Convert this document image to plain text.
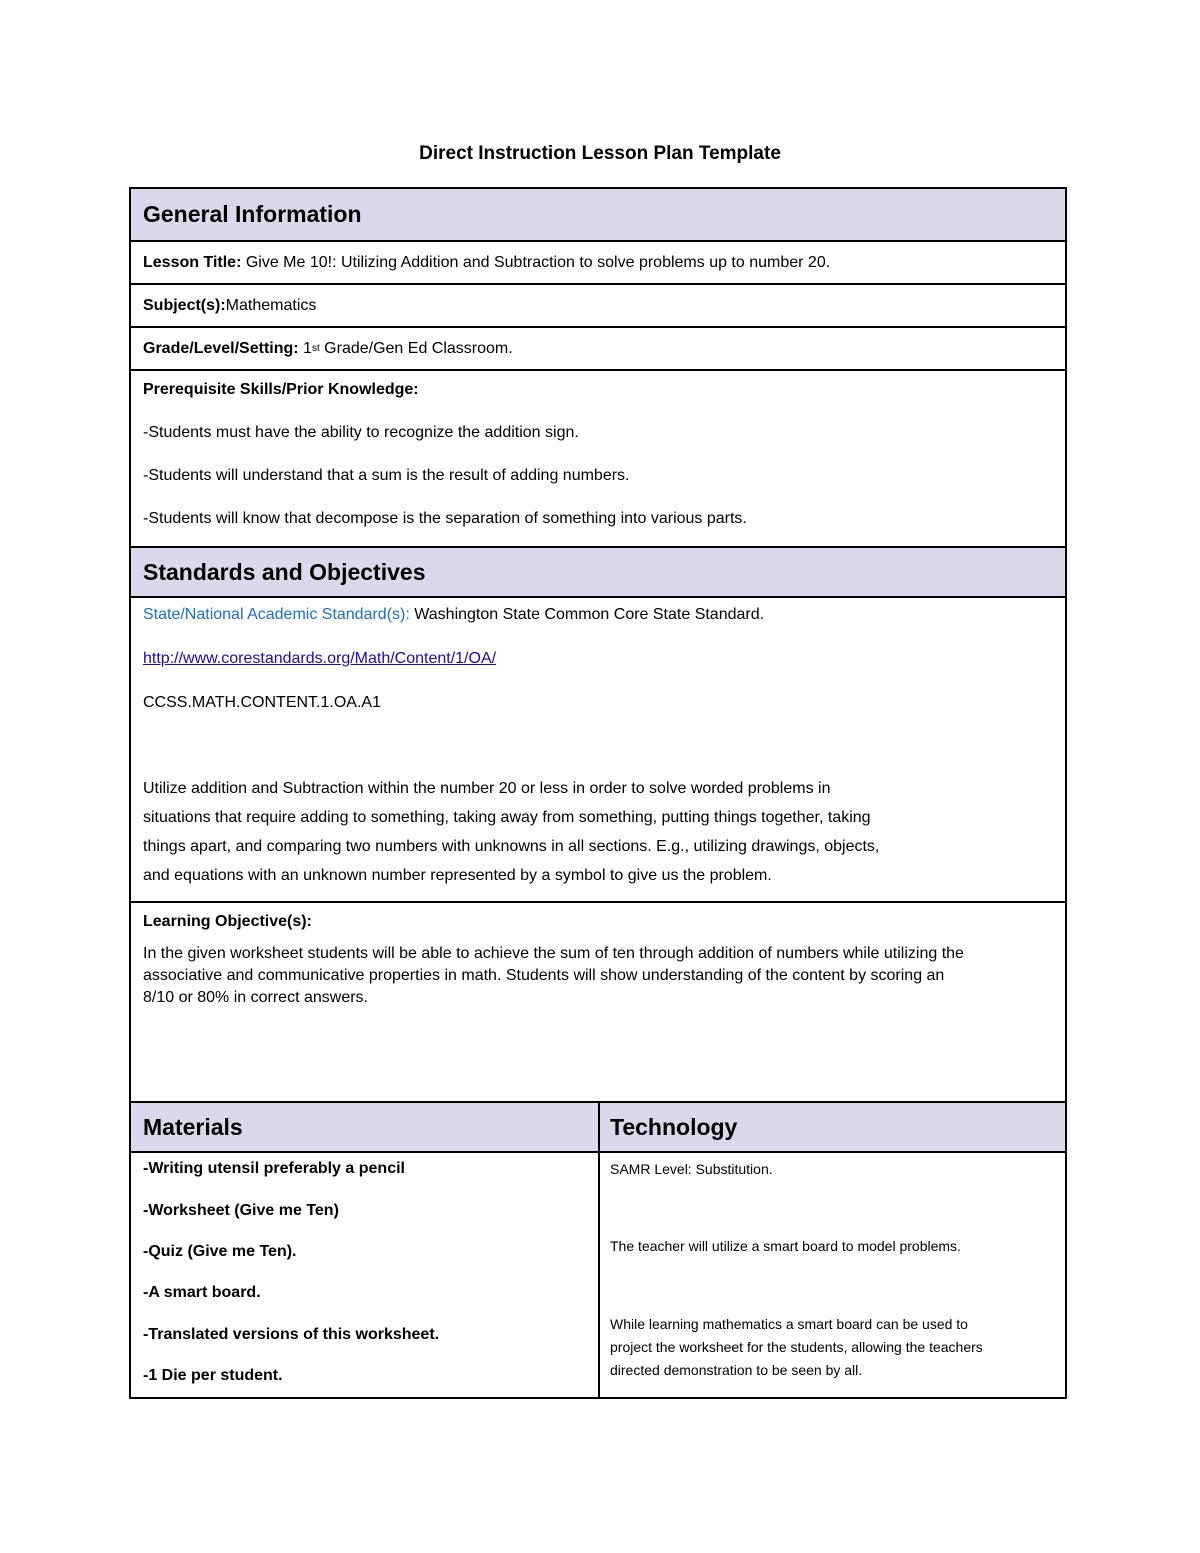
Direct Instruction Lesson Plan Template
General Information
Lesson Title: Give Me 10!: Utilizing Addition and Subtraction to solve problems up to number 20.
Subject(s): Mathematics
Grade/Level/Setting: 1 st Grade/Gen Ed Classroom.

Prerequisite Skills/Prior Knowledge:

-Students must have the ability to recognize the addition sign.

-Students will understand that a sum is the result of adding numbers.

-Students will know that decompose is the separation of something into various parts.

Standards and Objectives

State/National Academic Standard(s): Washington State Common Core State Standard.

http://www.corestandards.org/Math/Content/1/OA/

CCSS.MATH.CONTENT.1.OA.A1

Utilize addition and Subtraction within the number 20 or less in order to solve worded problems in

situations that require adding to something, taking away from something, putting things together, taking

things apart, and comparing two numbers with unknowns in all sections. E.g., utilizing drawings, objects,

and equations with an unknown number represented by a symbol to give us the problem.

Learning Objective(s):

In the given worksheet students will be able to achieve the sum of ten through addition of numbers while utilizing the

associative and communicative properties in math. Students will show understanding of the content by scoring an

8/10 or 80% in correct answers.

Materials	Technology

-Writing utensil preferably a pencil

-Worksheet (Give me Ten)

-Quiz (Give me Ten).

-A smart board.

-Translated versions of this worksheet.

-1 Die per student.

SAMR Level: Substitution.

The teacher will utilize a smart board to model problems.

While learning mathematics a smart board can be used to

project the worksheet for the students, allowing the teachers

directed demonstration to be seen by all.
